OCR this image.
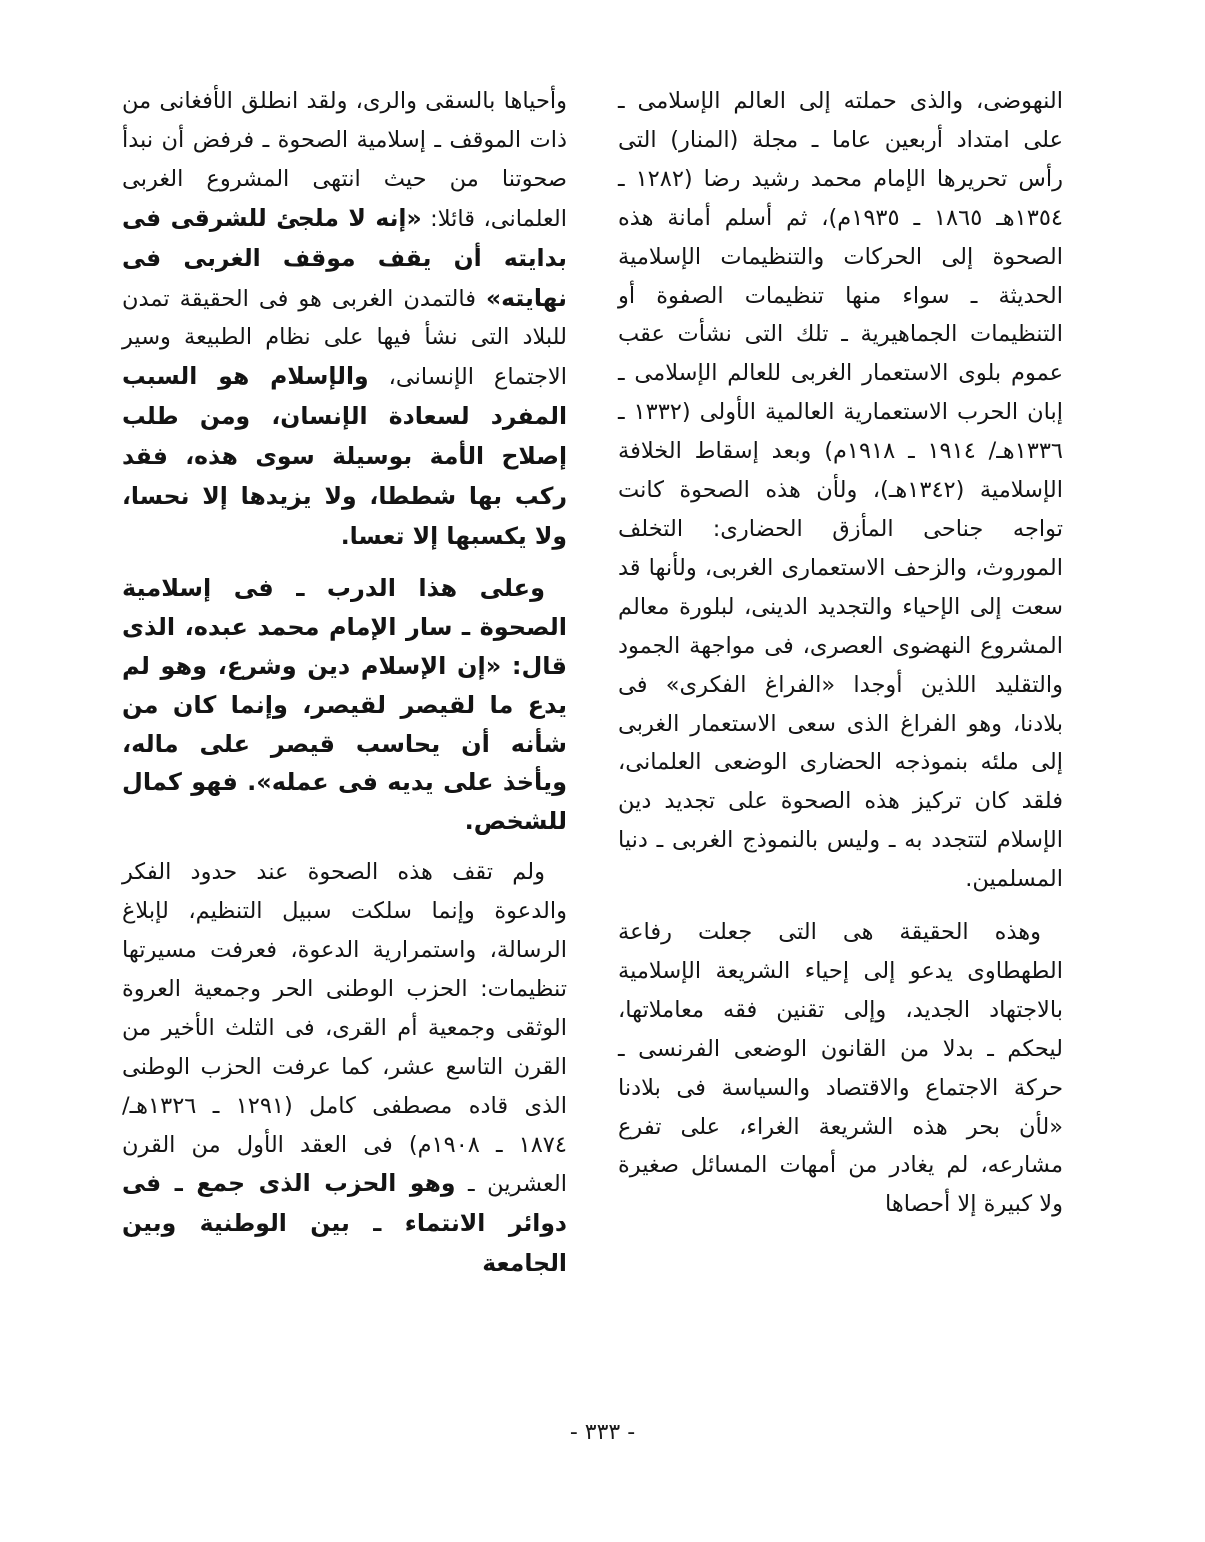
النهوضى، والذى حملته إلى العالم الإسلامى ـ على امتداد أربعين عاما ـ مجلة (المنار) التى رأس تحريرها الإمام محمد رشيد رضا (١٢٨٢ ـ ١٣٥٤هـ ١٨٦٥ ـ ١٩٣٥م)، ثم أسلم أمانة هذه الصحوة إلى الحركات والتنظيمات الإسلامية الحديثة ـ سواء منها تنظيمات الصفوة أو التنظيمات الجماهيرية ـ تلك التى نشأت عقب عموم بلوى الاستعمار الغربى للعالم الإسلامى ـ إبان الحرب الاستعمارية العالمية الأولى (١٣٣٢ ـ ١٣٣٦هـ/ ١٩١٤ ـ ١٩١٨م) وبعد إسقاط الخلافة الإسلامية (١٣٤٢هـ)، ولأن هذه الصحوة كانت تواجه جناحى المأزق الحضارى: التخلف الموروث، والزحف الاستعمارى الغربى، ولأنها قد سعت إلى الإحياء والتجديد الدينى، لبلورة معالم المشروع النهضوى العصرى، فى مواجهة الجمود والتقليد اللذين أوجدا «الفراغ الفكرى» فى بلادنا، وهو الفراغ الذى سعى الاستعمار الغربى إلى ملئه بنموذجه الحضارى الوضعى العلمانى، فلقد كان تركيز هذه الصحوة على تجديد دين الإسلام لتتجدد به ـ وليس بالنموذج الغربى ـ دنيا المسلمين.

وهذه الحقيقة هى التى جعلت رفاعة الطهطاوى يدعو إلى إحياء الشريعة الإسلامية بالاجتهاد الجديد، وإلى تقنين فقه معاملاتها، ليحكم ـ بدلا من القانون الوضعى الفرنسى ـ حركة الاجتماع والاقتصاد والسياسة فى بلادنا «لأن بحر هذه الشريعة الغراء، على تفرع مشارعه، لم يغادر من أمهات المسائل صغيرة ولا كبيرة إلا أحصاها

وأحياها بالسقى والرى، ولقد انطلق الأفغانى من ذات الموقف ـ إسلامية الصحوة ـ فرفض أن نبدأ صحوتنا من حيث انتهى المشروع الغربى العلمانى، قائلا: «إنه لا ملجئ للشرقى فى بدايته أن يقف موقف الغربى فى نهايته» فالتمدن الغربى هو فى الحقيقة تمدن للبلاد التى نشأ فيها على نظام الطبيعة وسير الاجتماع الإنسانى، والإسلام هو السبب المفرد لسعادة الإنسان، ومن طلب إصلاح الأمة بوسيلة سوى هذه، فقد ركب بها شططا، ولا يزيدها إلا نحسا، ولا يكسبها إلا تعسا.

وعلى هذا الدرب ـ فى إسلامية الصحوة ـ سار الإمام محمد عبده، الذى قال: «إن الإسلام دين وشرع، وهو لم يدع ما لقيصر لقيصر، وإنما كان من شأنه أن يحاسب قيصر على ماله، ويأخذ على يديه فى عمله». فهو كمال للشخص.

ولم تقف هذه الصحوة عند حدود الفكر والدعوة وإنما سلكت سبيل التنظيم، لإبلاغ الرسالة، واستمرارية الدعوة، فعرفت مسيرتها تنظيمات: الحزب الوطنى الحر وجمعية العروة الوثقى وجمعية أم القرى، فى الثلث الأخير من القرن التاسع عشر، كما عرفت الحزب الوطنى الذى قاده مصطفى كامل (١٢٩١ ـ ١٣٢٦هـ/ ١٨٧٤ ـ ١٩٠٨م) فى العقد الأول من القرن العشرين ـ وهو الحزب الذى جمع ـ فى دوائر الانتماء ـ بين الوطنية وبين الجامعة

- ٣٣٣ -
